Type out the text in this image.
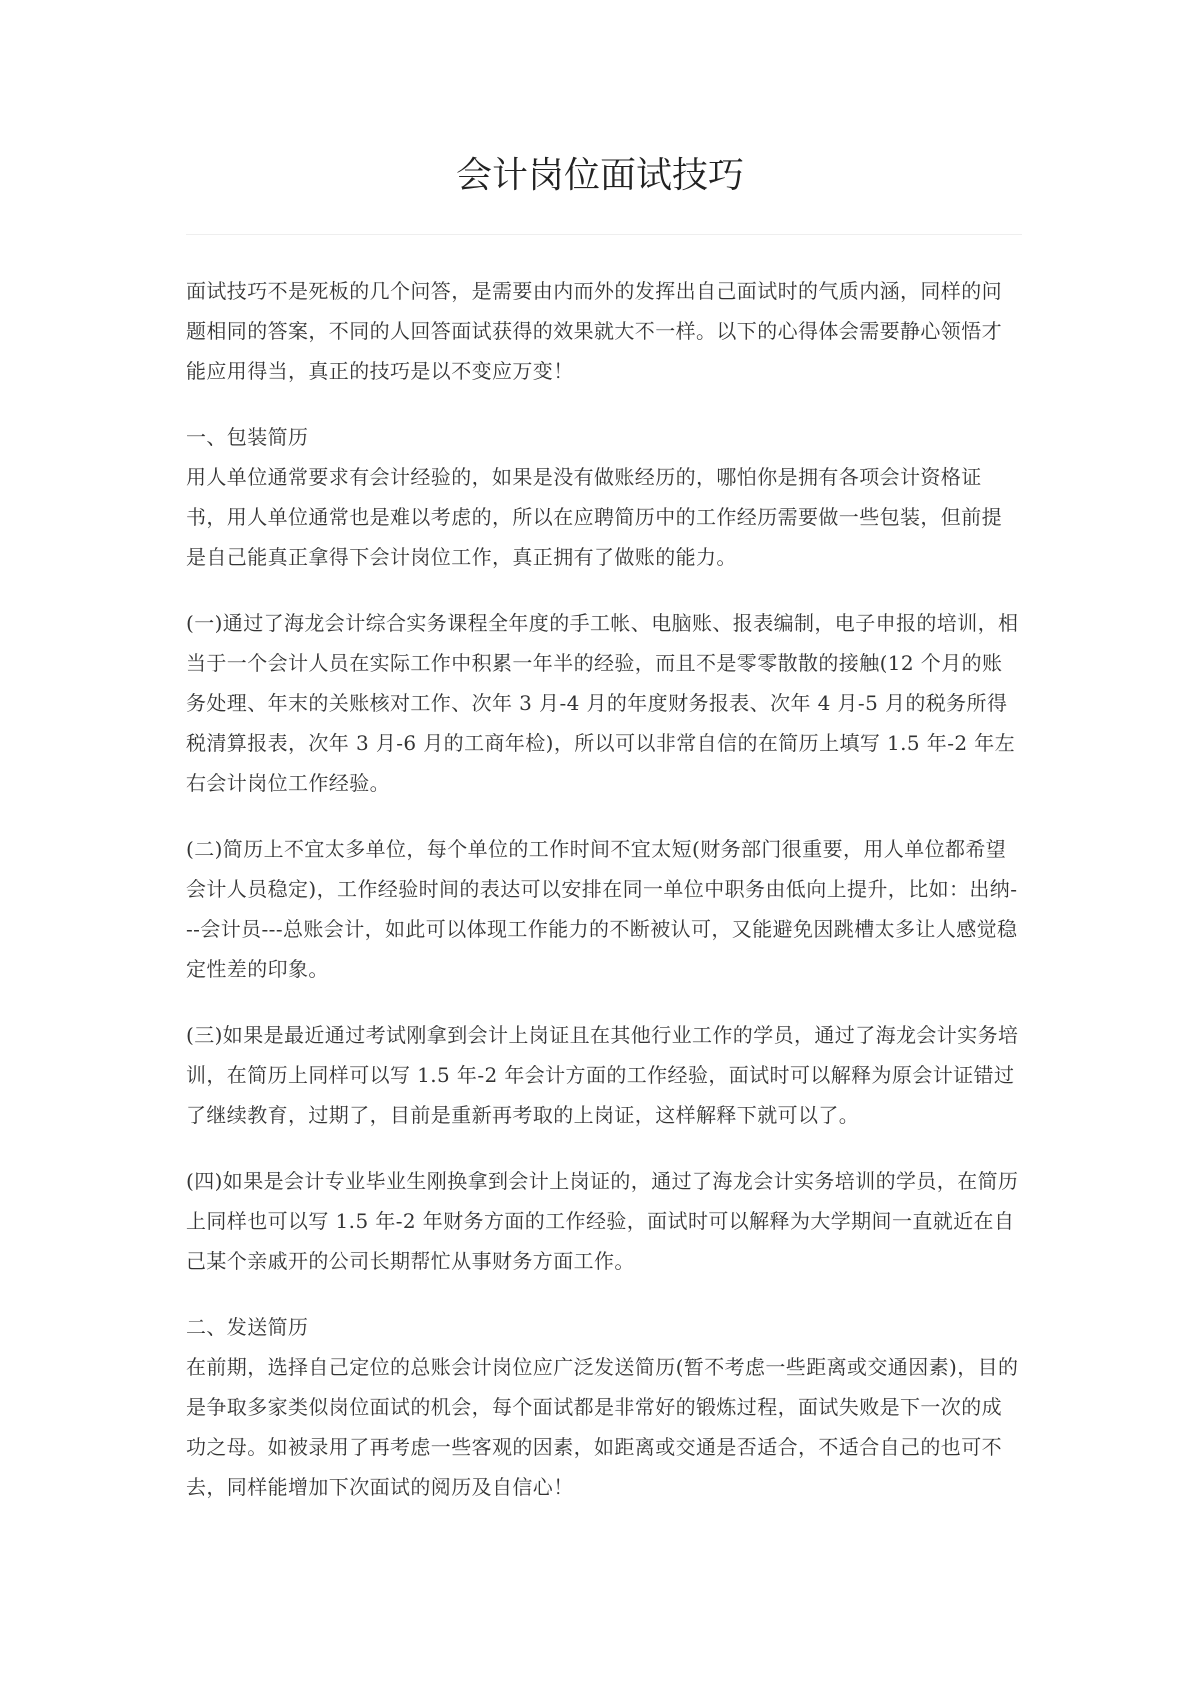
会计岗位面试技巧

面试技巧不是死板的几个问答，是需要由内而外的发挥出自己面试时的气质内涵，同样的问题相同的答案，不同的人回答面试获得的效果就大不一样。以下的心得体会需要静心领悟才能应用得当，真正的技巧是以不变应万变！

一、包装简历

用人单位通常要求有会计经验的，如果是没有做账经历的，哪怕你是拥有各项会计资格证书，用人单位通常也是难以考虑的，所以在应聘简历中的工作经历需要做一些包装，但前提是自己能真正拿得下会计岗位工作，真正拥有了做账的能力。

(一)通过了海龙会计综合实务课程全年度的手工帐、电脑账、报表编制，电子申报的培训，相当于一个会计人员在实际工作中积累一年半的经验，而且不是零零散散的接触(12 个月的账务处理、年末的关账核对工作、次年 3 月-4 月的年度财务报表、次年 4 月-5 月的税务所得税清算报表，次年 3 月-6 月的工商年检)，所以可以非常自信的在简历上填写 1.5 年-2 年左右会计岗位工作经验。

(二)简历上不宜太多单位，每个单位的工作时间不宜太短(财务部门很重要，用人单位都希望会计人员稳定)，工作经验时间的表达可以安排在同一单位中职务由低向上提升，比如：出纳---会计员---总账会计，如此可以体现工作能力的不断被认可，又能避免因跳槽太多让人感觉稳定性差的印象。

(三)如果是最近通过考试刚拿到会计上岗证且在其他行业工作的学员，通过了海龙会计实务培训，在简历上同样可以写 1.5 年-2 年会计方面的工作经验，面试时可以解释为原会计证错过了继续教育，过期了，目前是重新再考取的上岗证，这样解释下就可以了。

(四)如果是会计专业毕业生刚换拿到会计上岗证的，通过了海龙会计实务培训的学员，在简历上同样也可以写 1.5 年-2 年财务方面的工作经验，面试时可以解释为大学期间一直就近在自己某个亲戚开的公司长期帮忙从事财务方面工作。

二、发送简历

在前期，选择自己定位的总账会计岗位应广泛发送简历(暂不考虑一些距离或交通因素)，目的是争取多家类似岗位面试的机会，每个面试都是非常好的锻炼过程，面试失败是下一次的成功之母。如被录用了再考虑一些客观的因素，如距离或交通是否适合，不适合自己的也可不去，同样能增加下次面试的阅历及自信心！
